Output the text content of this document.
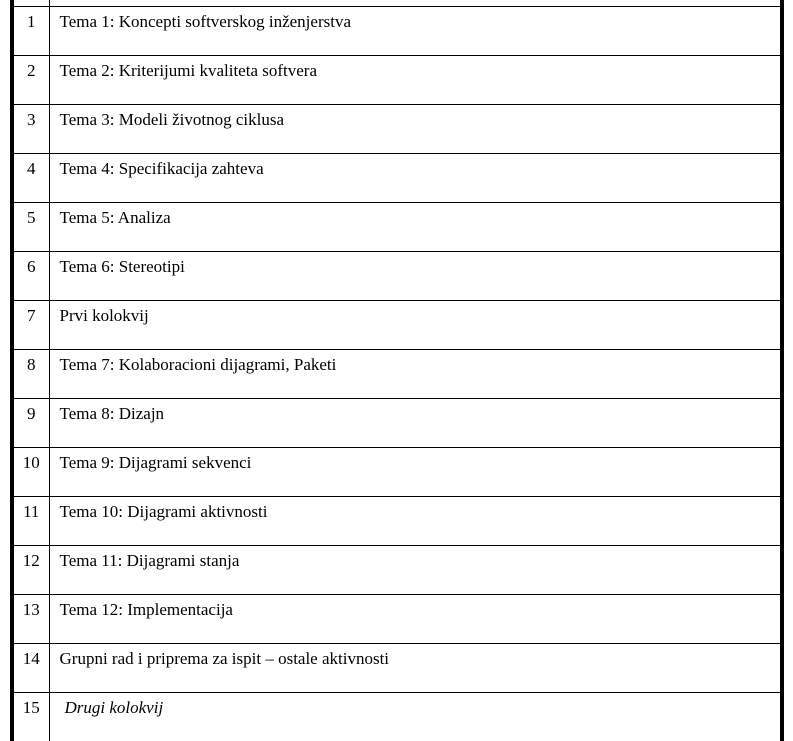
1	Tema 1: Koncepti softverskog inženjerstva
2	Tema 2: Kriterijumi kvaliteta softvera
3	Tema 3: Modeli životnog ciklusa
4	Tema 4: Specifikacija zahteva
5	Tema 5: Analiza
6	Tema 6: Stereotipi
7	Prvi kolokvij
8	Tema 7: Kolaboracioni dijagrami, Paketi
9	Tema 8: Dizajn
10	Tema 9: Dijagrami sekvenci
11	Tema 10: Dijagrami aktivnosti
12	Tema 11: Dijagrami stanja
13	Tema 12: Implementacija
14	Grupni rad i priprema za ispit – ostale aktivnosti
15	Drugi kolokvij
